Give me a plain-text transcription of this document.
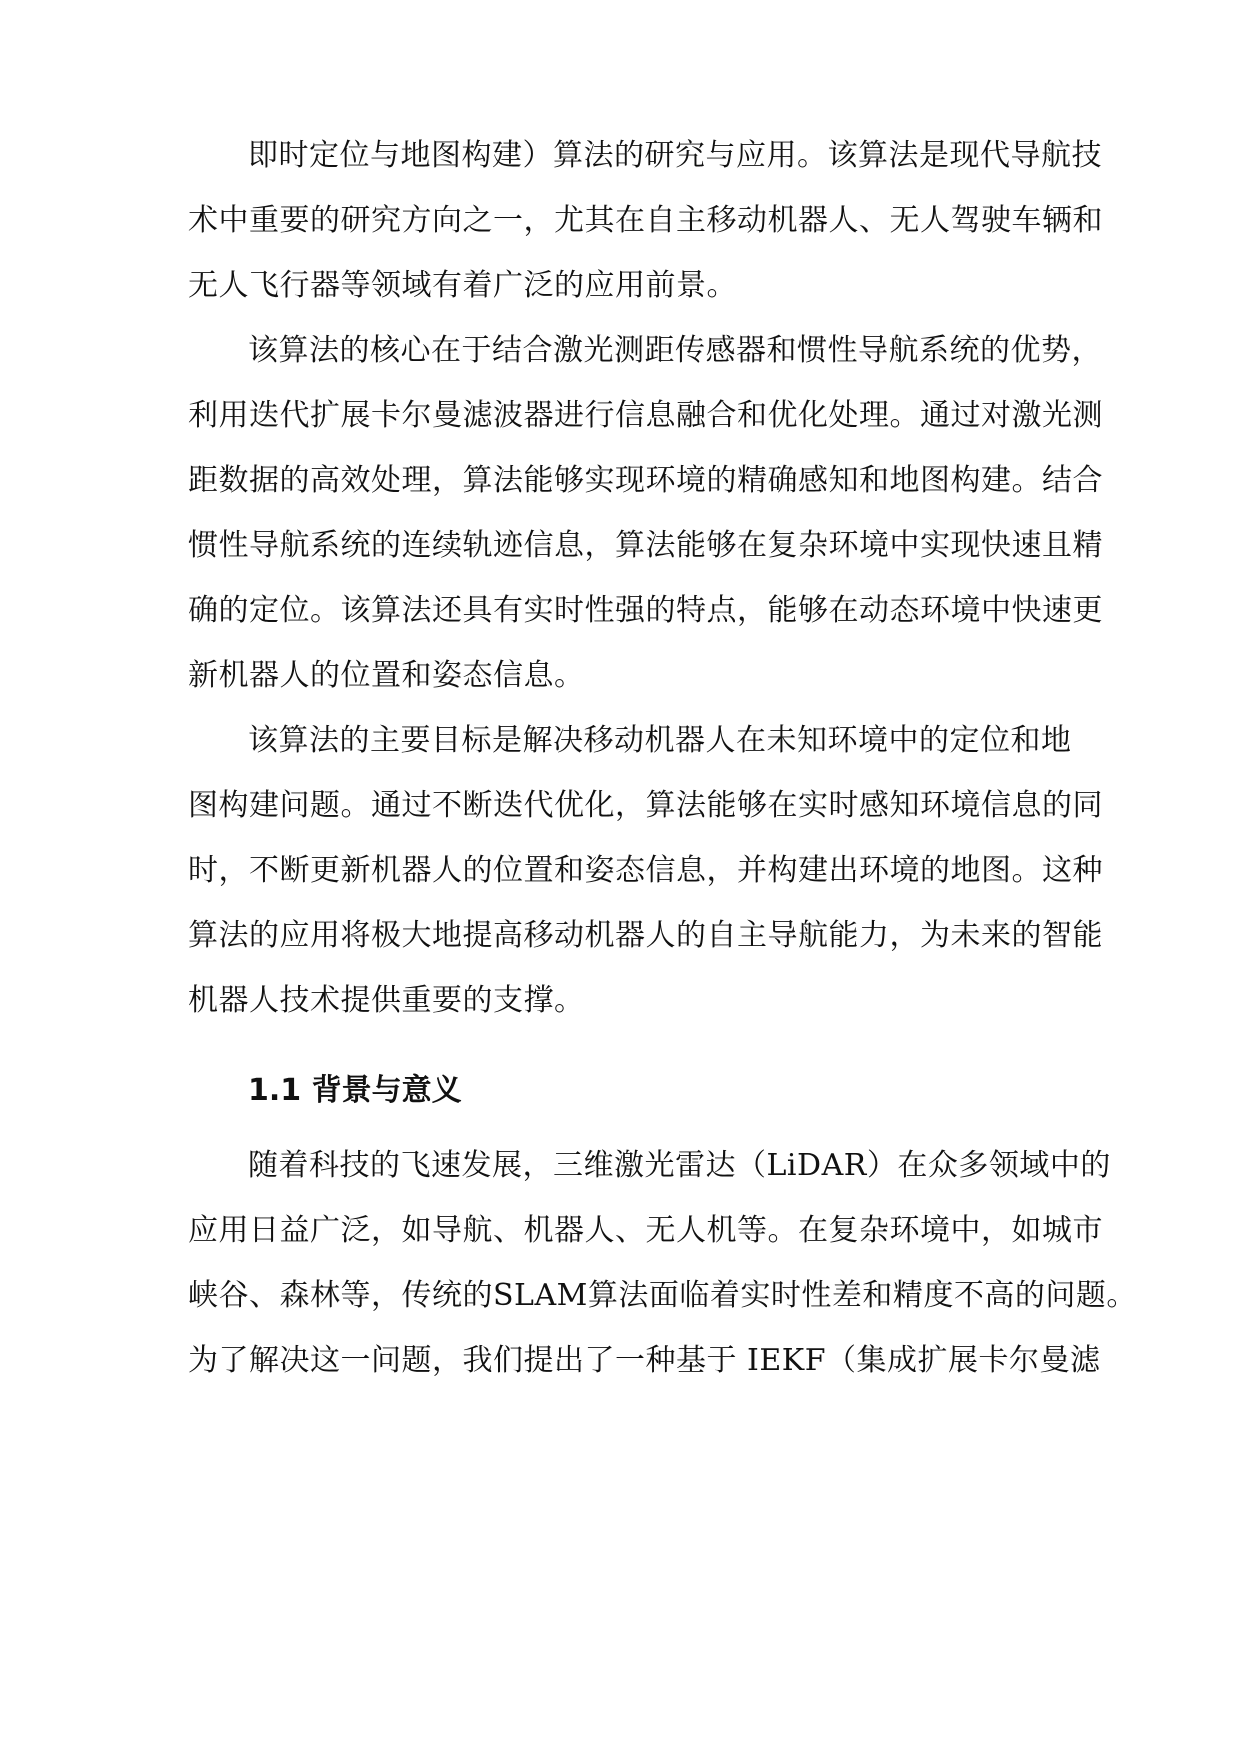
即时定位与地图构建）算法的研究与应用。该算法是现代导航技
术中重要的研究方向之一，尤其在自主移动机器人、无人驾驶车辆和
无人飞行器等领域有着广泛的应用前景。
该算法的核心在于结合激光测距传感器和惯性导航系统的优势，
利用迭代扩展卡尔曼滤波器进行信息融合和优化处理。通过对激光测
距数据的高效处理，算法能够实现环境的精确感知和地图构建。结合
惯性导航系统的连续轨迹信息，算法能够在复杂环境中实现快速且精
确的定位。该算法还具有实时性强的特点，能够在动态环境中快速更
新机器人的位置和姿态信息。
该算法的主要目标是解决移动机器人在未知环境中的定位和地
图构建问题。通过不断迭代优化，算法能够在实时感知环境信息的同
时，不断更新机器人的位置和姿态信息，并构建出环境的地图。这种
算法的应用将极大地提高移动机器人的自主导航能力，为未来的智能
机器人技术提供重要的支撑。
1.1 背景与意义
随着科技的飞速发展，三维激光雷达（LiDAR）在众多领域中的
应用日益广泛，如导航、机器人、无人机等。在复杂环境中，如城市
峡谷、森林等，传统的SLAM算法面临着实时性差和精度不高的问题。
为了解决这一问题，我们提出了一种基于 IEKF（集成扩展卡尔曼滤
